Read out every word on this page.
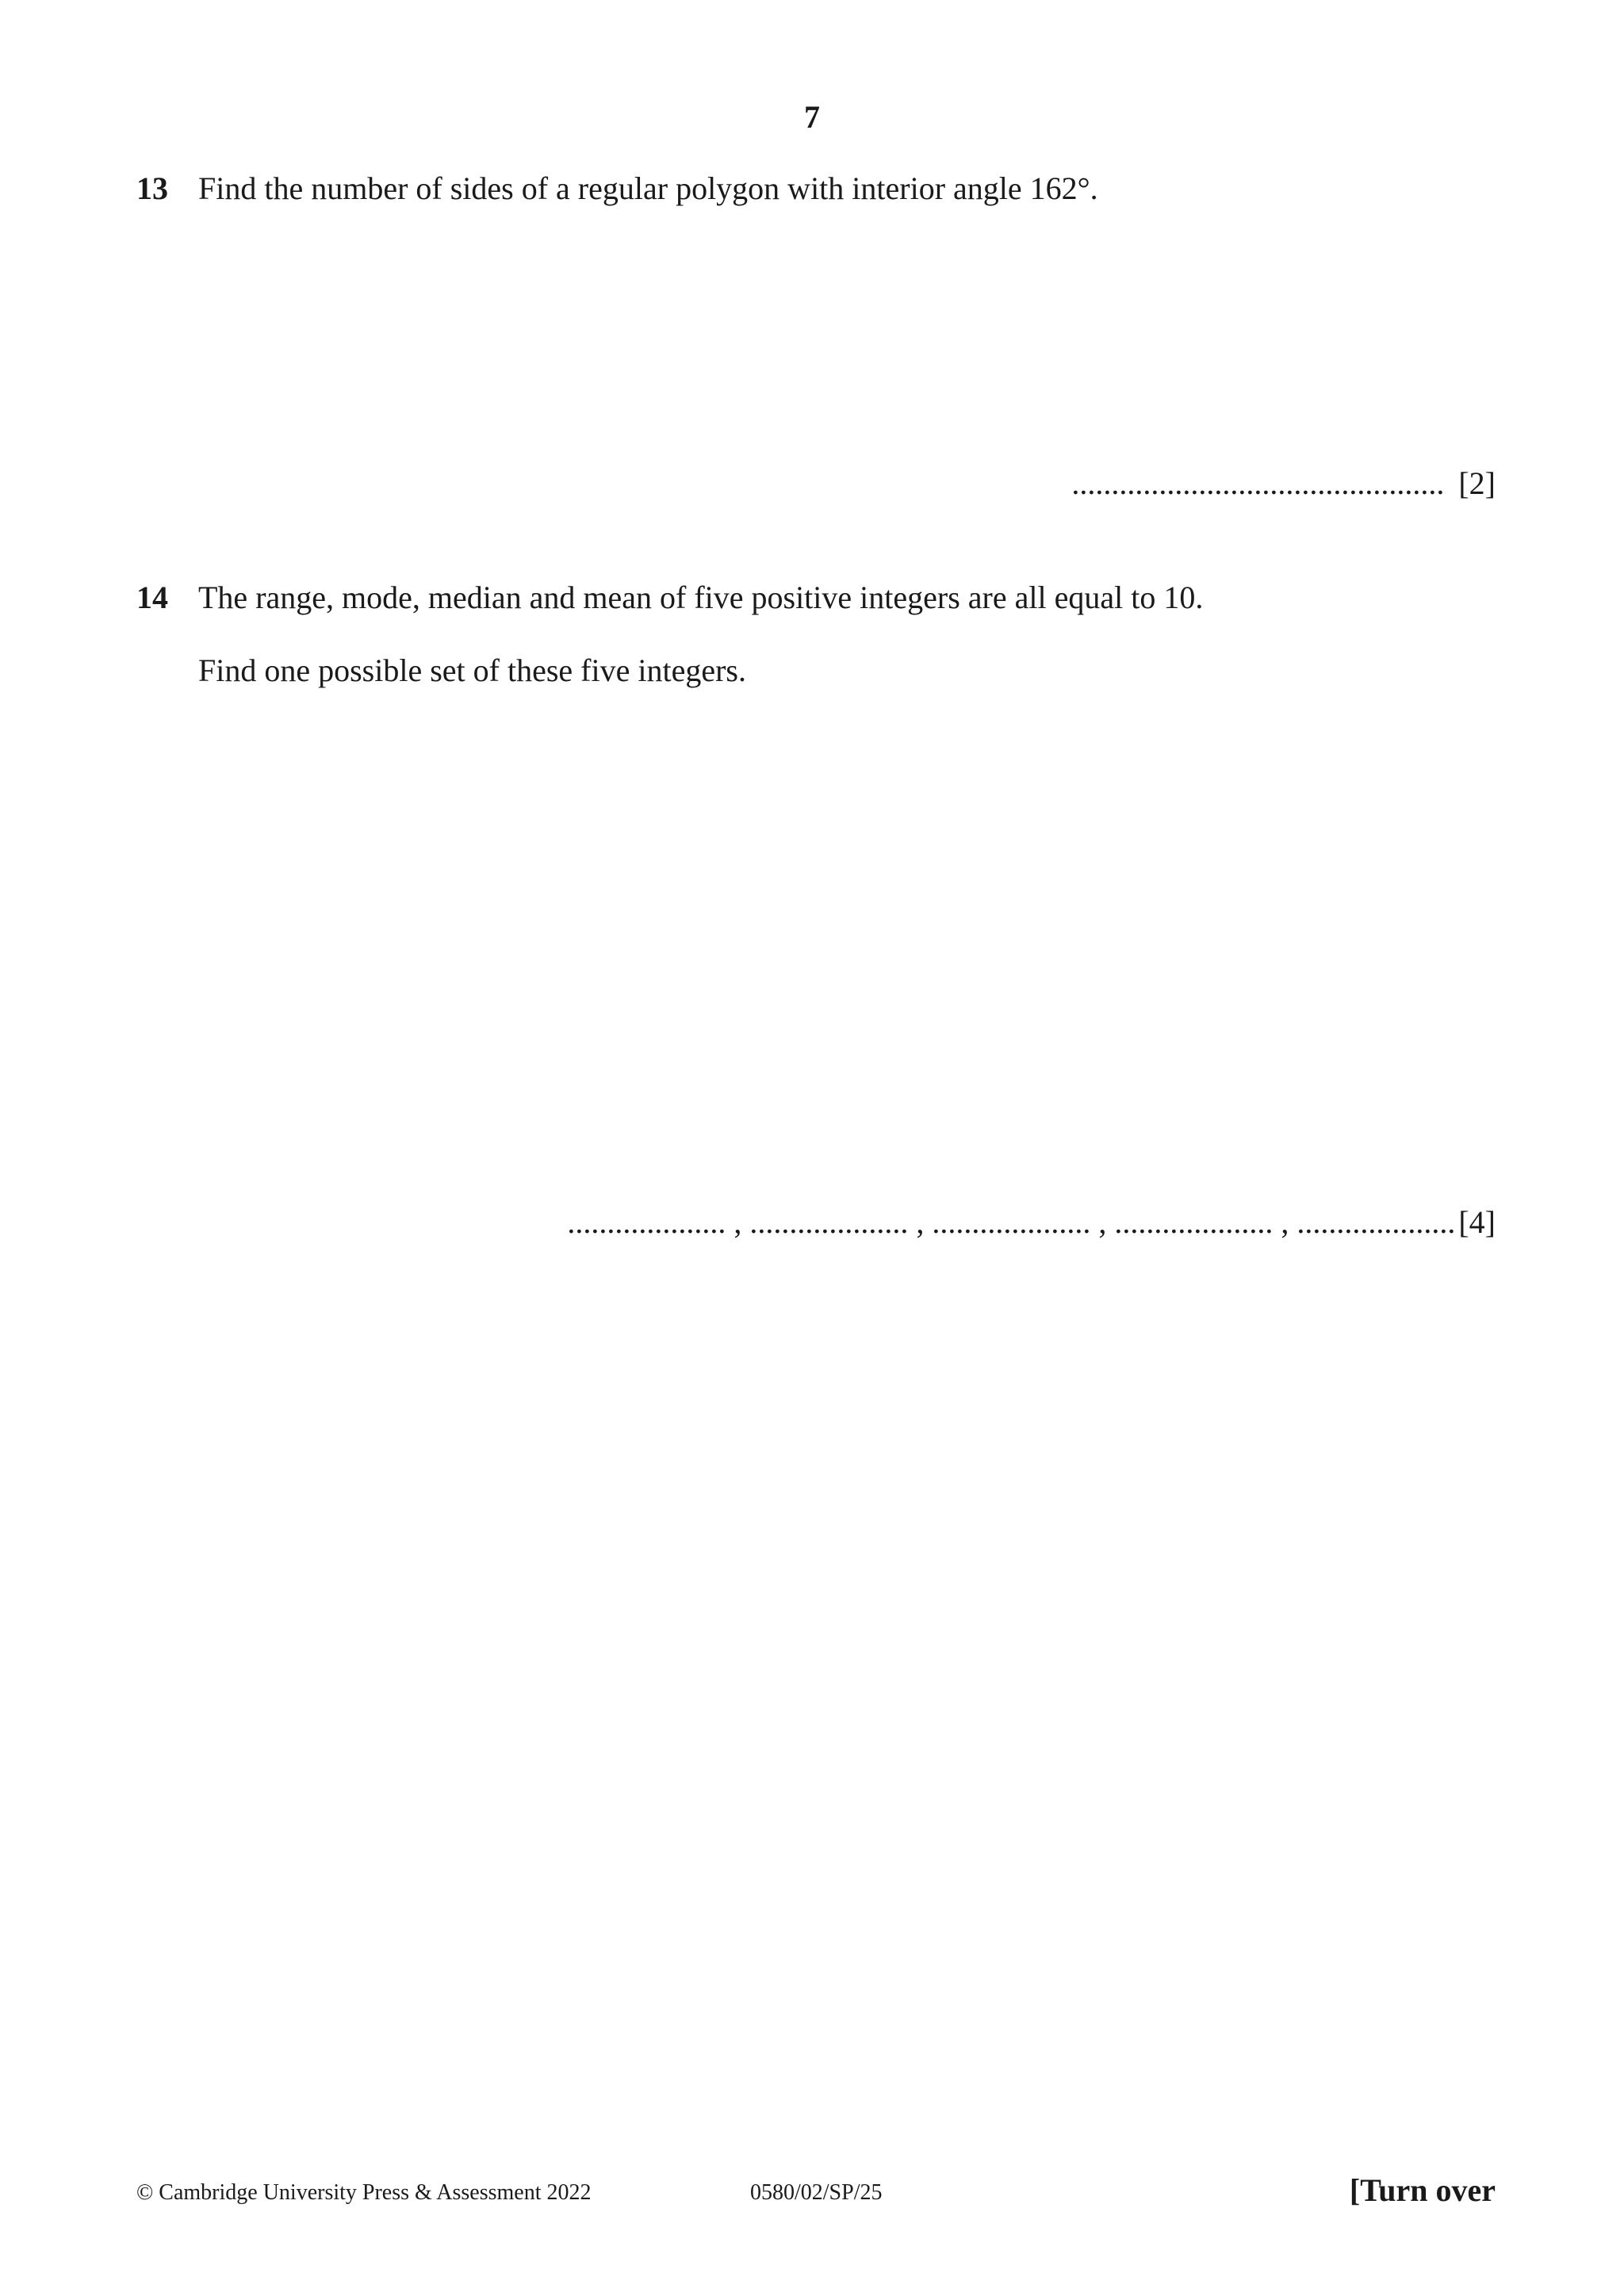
7
13 Find the number of sides of a regular polygon with interior angle 162°.
............................................... [2]
14 The range, mode, median and mean of five positive integers are all equal to 10.
Find one possible set of these five integers.
.................... , .................... , .................... , .................... , .................... [4]
© Cambridge University Press & Assessment 2022	0580/02/SP/25	[Turn over
